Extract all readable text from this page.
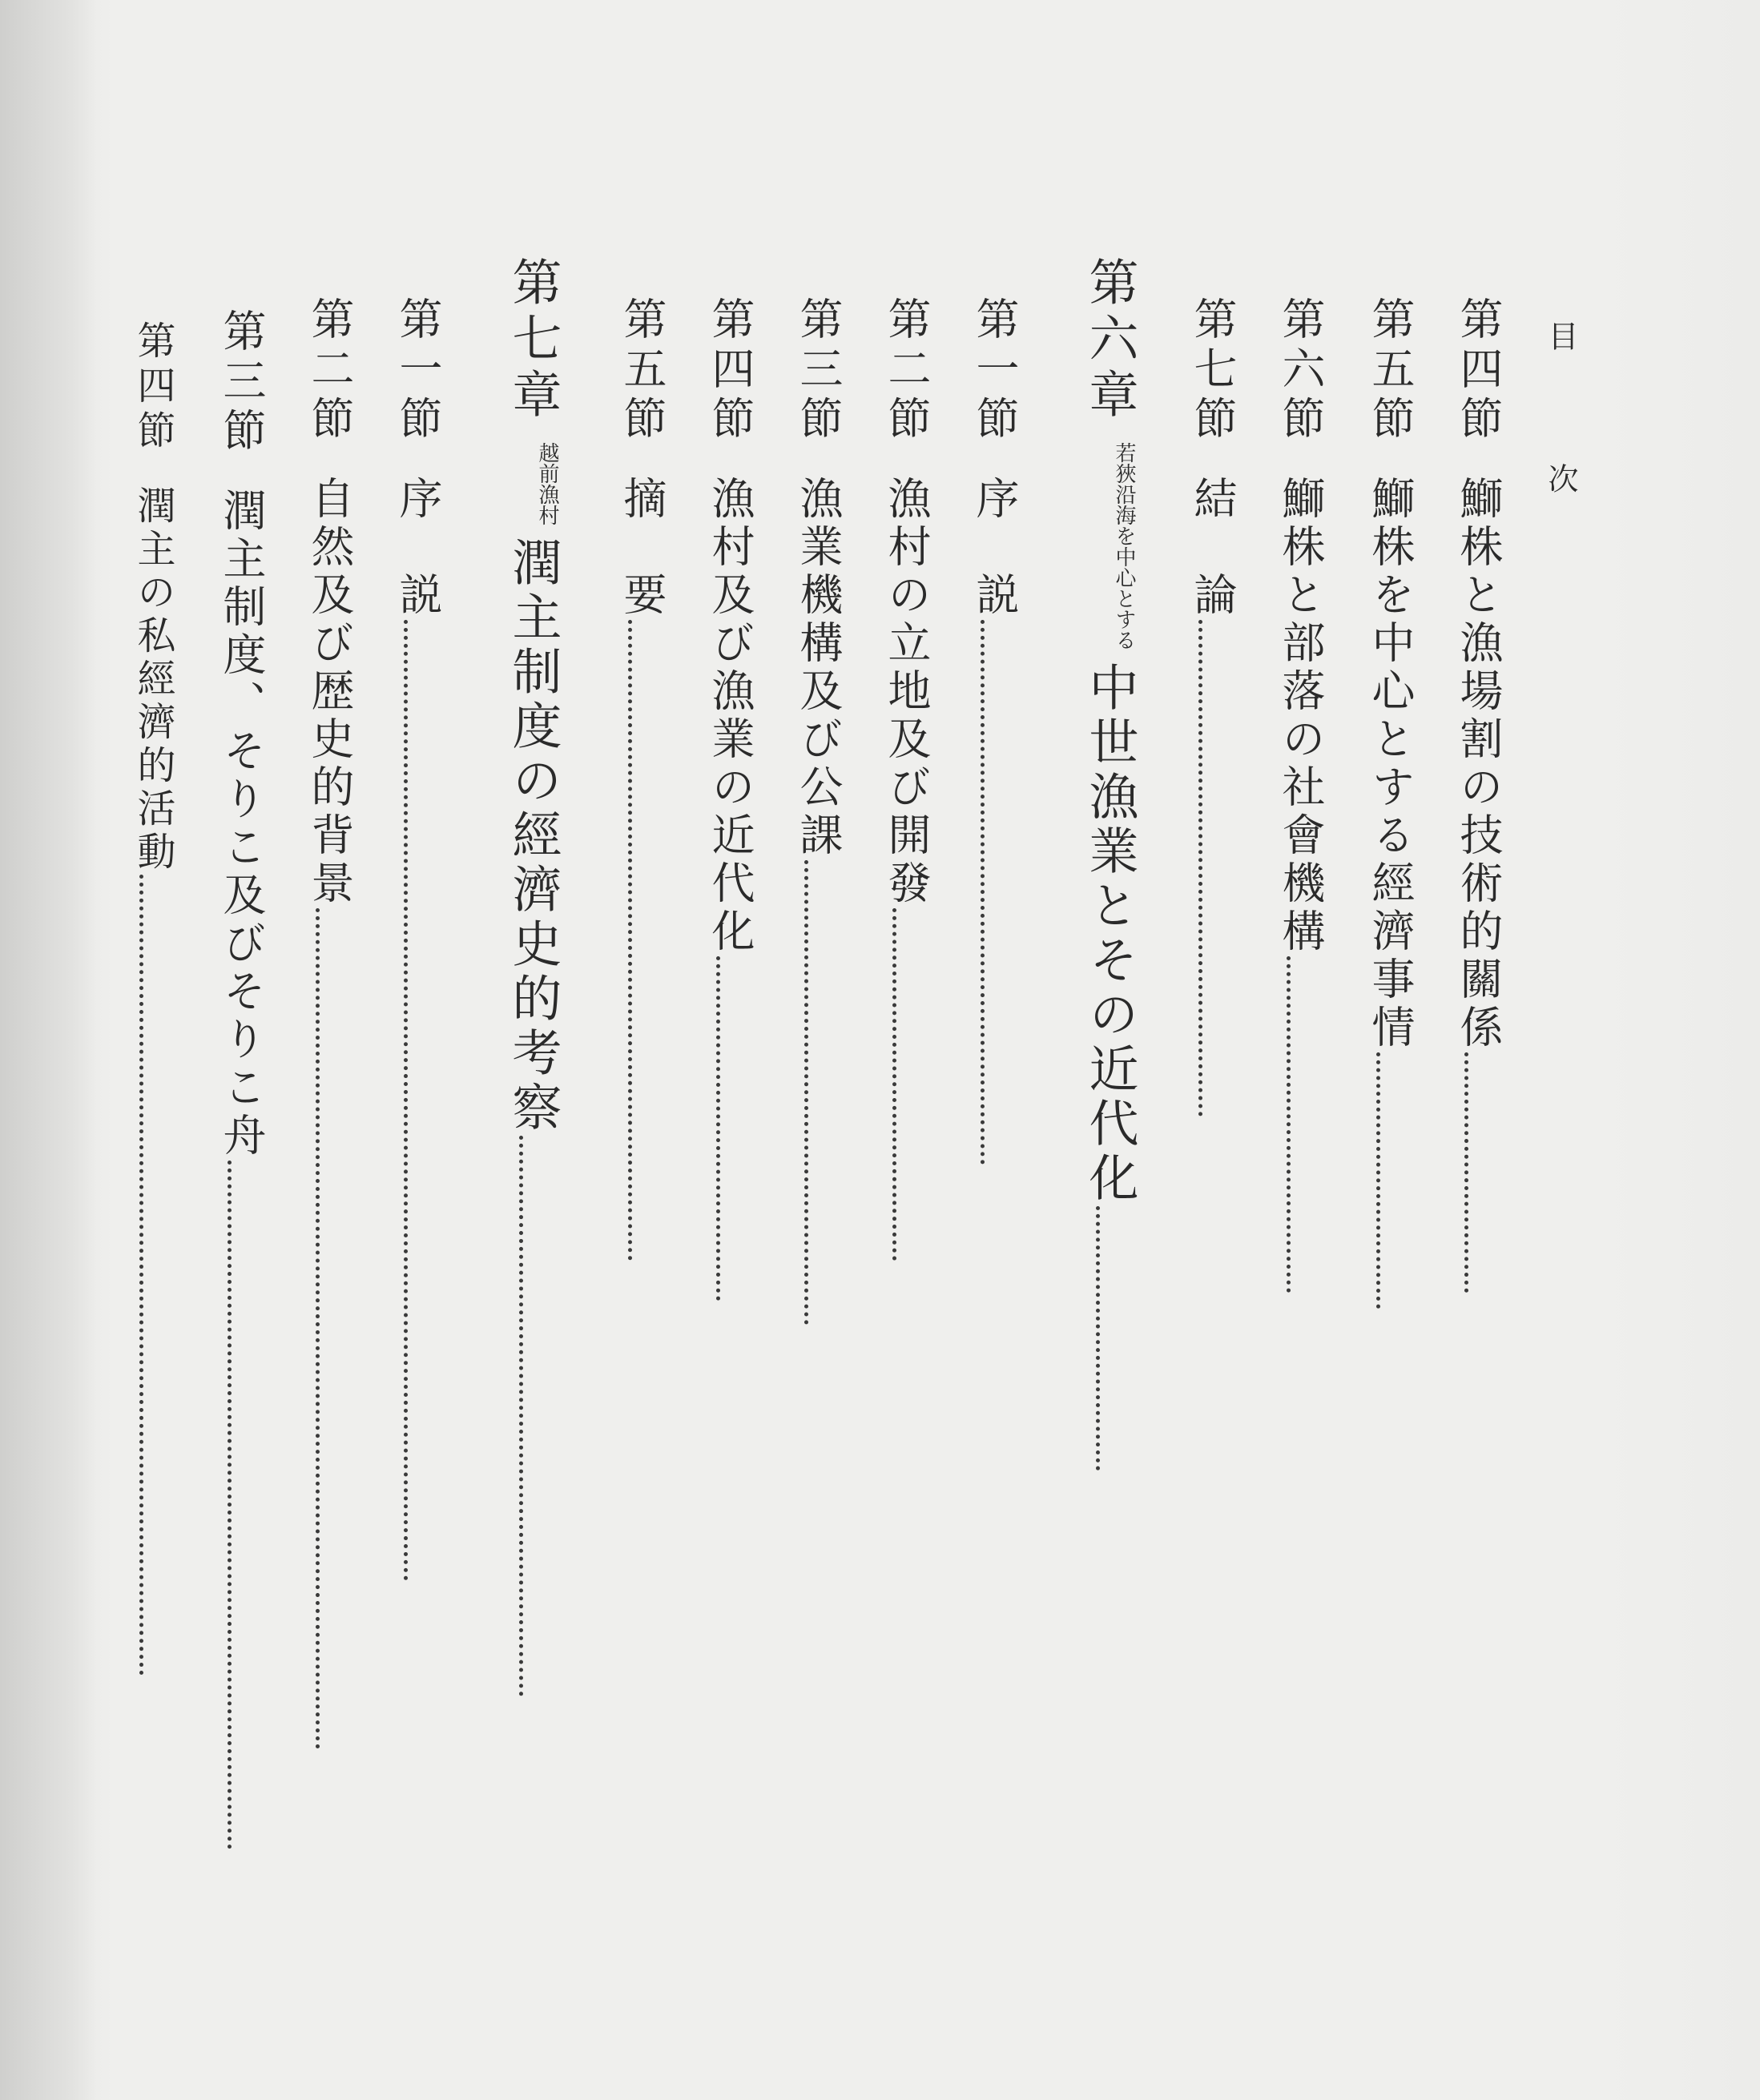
目次
第四節鰤株と漁場割の技術的關係
第五節鰤株を中心とする經濟事情
第六節鰤株と部落の社會機構
第七節結　論
第六章若狹沿海を中心とする中世漁業とその近代化
第一節序　説
第二節漁村の立地及び開發
第三節漁業機構及び公課
第四節漁村及び漁業の近代化
第五節摘　要
第七章越前漁村潤主制度の經濟史的考察
第一節序　説
第二節自然及び歴史的背景
第三節潤主制度、そりこ及びそりこ舟
第四節潤主の私經濟的活動
